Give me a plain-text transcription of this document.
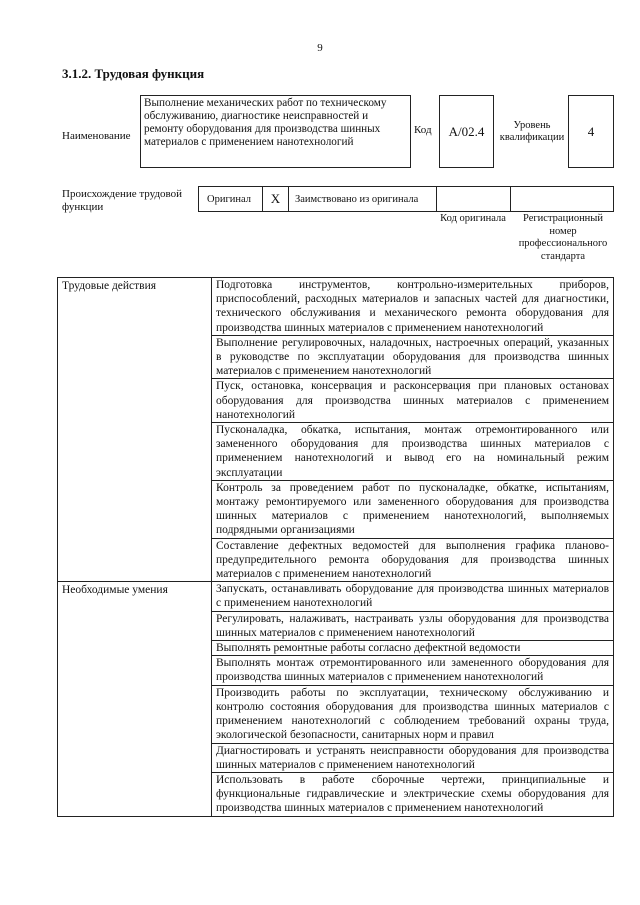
9
3.1.2. Трудовая функция
Наименование
Выполнение механических работ по техническому обслуживанию, диагностике неисправностей и ремонту оборудования для производства шинных материалов с применением нанотехнологий
Код	A/02.4	Уровень квалификации	4
Происхождение трудовой функции
Оригинал	X	Заимствовано из оригинала
Код оригинала	Регистрационный номер профессионального стандарта
Трудовые действия	Подготовка инструментов, контрольно-измерительных приборов, приспособлений, расходных материалов и запасных частей для диагностики, технического обслуживания и механического ремонта оборудования для производства шинных материалов с применением нанотехнологий
	Выполнение регулировочных, наладочных, настроечных операций, указанных в руководстве по эксплуатации оборудования для производства шинных материалов с применением нанотехнологий
	Пуск, остановка, консервация и расконсервация при плановых остановах оборудования для производства шинных материалов с применением нанотехнологий
	Пусконаладка, обкатка, испытания, монтаж отремонтированного или замененного оборудования для производства шинных материалов с применением нанотехнологий и вывод его на номинальный режим эксплуатации
	Контроль за проведением работ по пусконаладке, обкатке, испытаниям, монтажу ремонтируемого или замененного оборудования для производства шинных материалов с применением нанотехнологий, выполняемых подрядными организациями
	Составление дефектных ведомостей для выполнения графика планово-предупредительного ремонта оборудования для производства шинных материалов с применением нанотехнологий
Необходимые умения	Запускать, останавливать оборудование для производства шинных материалов с применением нанотехнологий
	Регулировать, налаживать, настраивать узлы оборудования для производства шинных материалов с применением нанотехнологий
	Выполнять ремонтные работы согласно дефектной ведомости
	Выполнять монтаж отремонтированного или замененного оборудования для производства шинных материалов с применением нанотехнологий
	Производить работы по эксплуатации, техническому обслуживанию и контролю состояния оборудования для производства шинных материалов с применением нанотехнологий с соблюдением требований охраны труда, экологической безопасности, санитарных норм и правил
	Диагностировать и устранять неисправности оборудования для производства шинных материалов с применением нанотехнологий
	Использовать в работе сборочные чертежи, принципиальные и функциональные гидравлические и электрические схемы оборудования для производства шинных материалов с применением нанотехнологий
